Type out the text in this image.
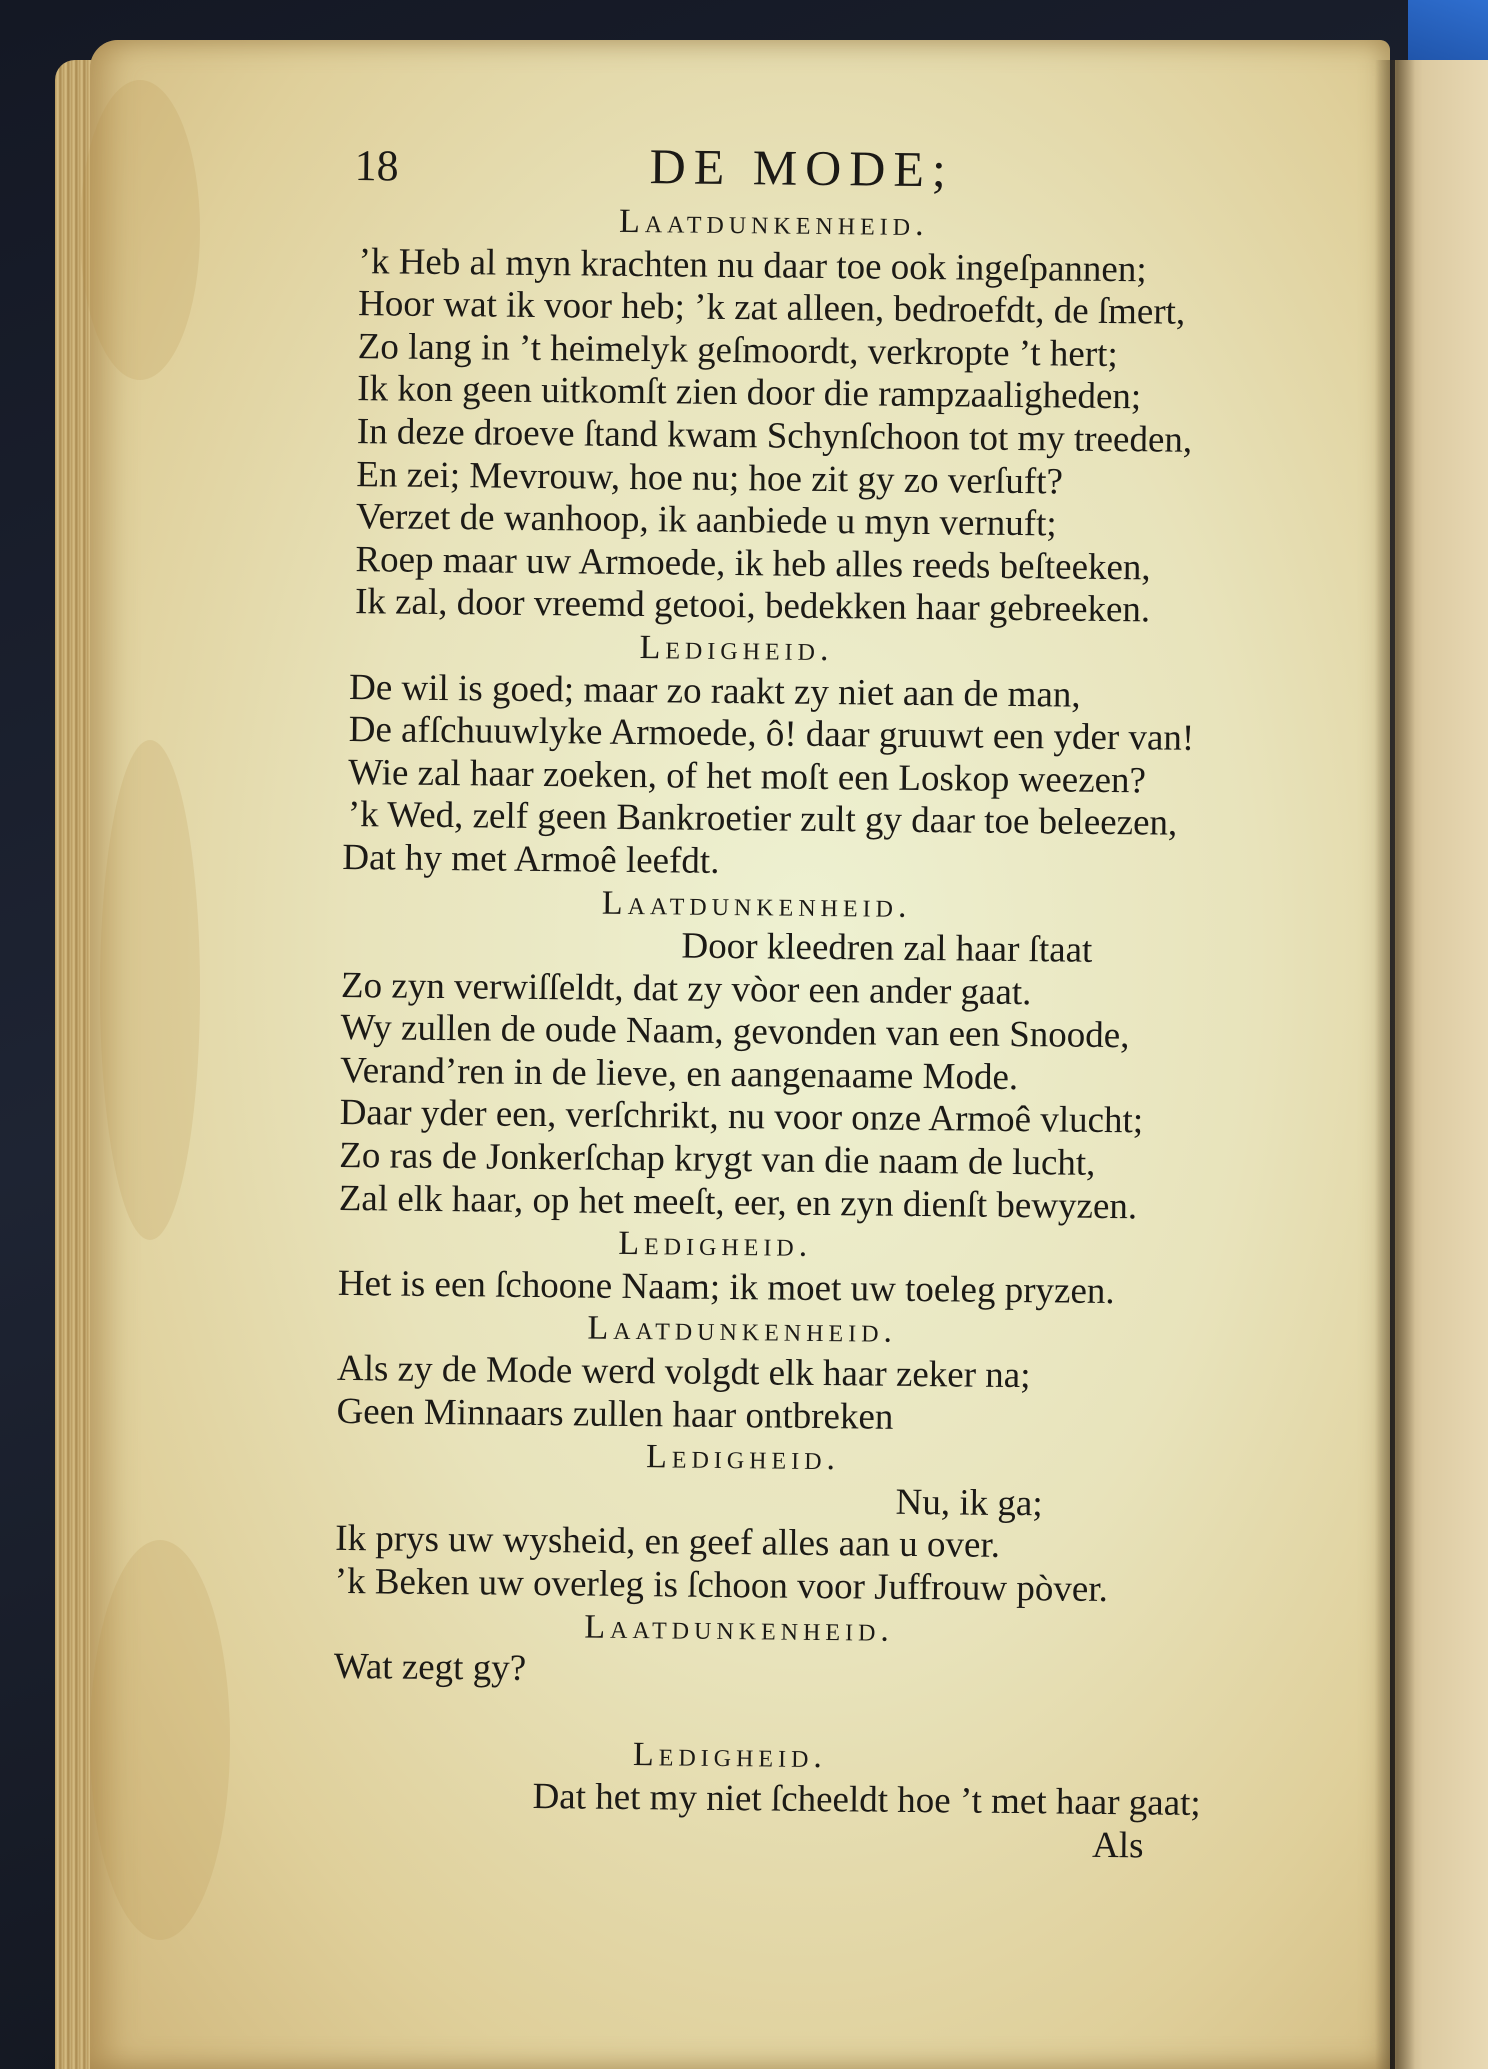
18	DE MODE;
Laatdunkenheid.
’k Heb al myn krachten nu daar toe ook ingeſpannen;
Hoor wat ik voor heb; ’k zat alleen, bedroefdt, de ſmert,
Zo lang in ’t heimelyk geſmoordt, verkropte ’t hert;
Ik kon geen uitkomſt zien door die rampzaaligheden;
In deze droeve ſtand kwam Schynſchoon tot my treeden,
En zei; Mevrouw, hoe nu; hoe zit gy zo verſuft?
Verzet de wanhoop, ik aanbiede u myn vernuft;
Roep maar uw Armoede, ik heb alles reeds beſteeken,
Ik zal, door vreemd getooi, bedekken haar gebreeken.
Ledigheid.
De wil is goed; maar zo raakt zy niet aan de man,
De afſchuuwlyke Armoede, ô! daar gruuwt een yder van!
Wie zal haar zoeken, of het moſt een Loskop weezen?
’k Wed, zelf geen Bankroetier zult gy daar toe beleezen,
Dat hy met Armoê leefdt.
Laatdunkenheid.
Door kleedren zal haar ſtaat
Zo zyn verwiſſeldt, dat zy vòor een ander gaat.
Wy zullen de oude Naam, gevonden van een Snoode,
Verand’ren in de lieve, en aangenaame Mode.
Daar yder een, verſchrikt, nu voor onze Armoê vlucht;
Zo ras de Jonkerſchap krygt van die naam de lucht,
Zal elk haar, op het meeſt, eer, en zyn dienſt bewyzen.
Ledigheid.
Het is een ſchoone Naam; ik moet uw toeleg pryzen.
Laatdunkenheid.
Als zy de Mode werd volgdt elk haar zeker na;
Geen Minnaars zullen haar ontbreken
Ledigheid.
Nu, ik ga;
Ik prys uw wysheid, en geef alles aan u over.
’k Beken uw overleg is ſchoon voor Juffrouw pòver.
Laatdunkenheid.
Wat zegt gy?
Ledigheid.
Dat het my niet ſcheeldt hoe ’t met haar gaat;
Als
